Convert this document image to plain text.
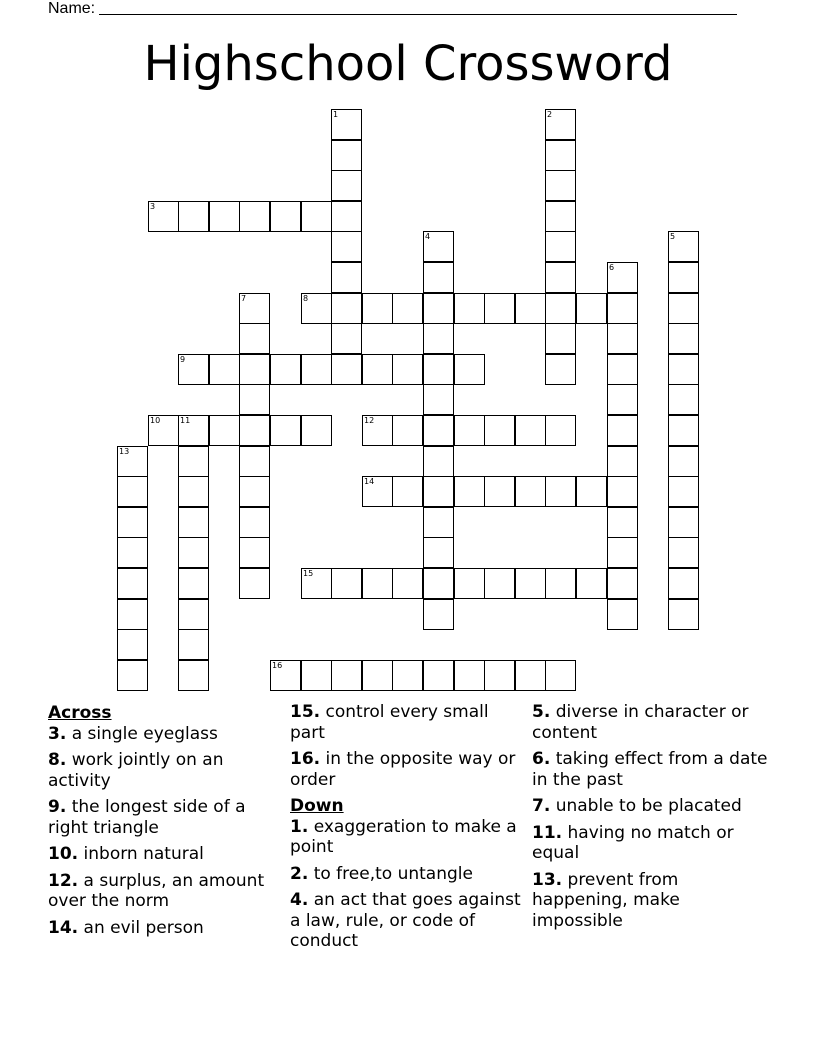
Name:
Highschool Crossword
1	2
3
4	5
6
7	8
9
10 11	12
13
14
15
16
Across
3. a single eyeglass
8. work jointly on an activity
9. the longest side of a right triangle
10. inborn natural
12. a surplus, an amount over the norm
14. an evil person
15. control every small part
16. in the opposite way or order
Down
1. exaggeration to make a point
2. to free,to untangle
4. an act that goes against a law, rule, or code of conduct
5. diverse in character or content
6. taking effect from a date in the past
7. unable to be placated
11. having no match or equal
13. prevent from happening, make impossible
